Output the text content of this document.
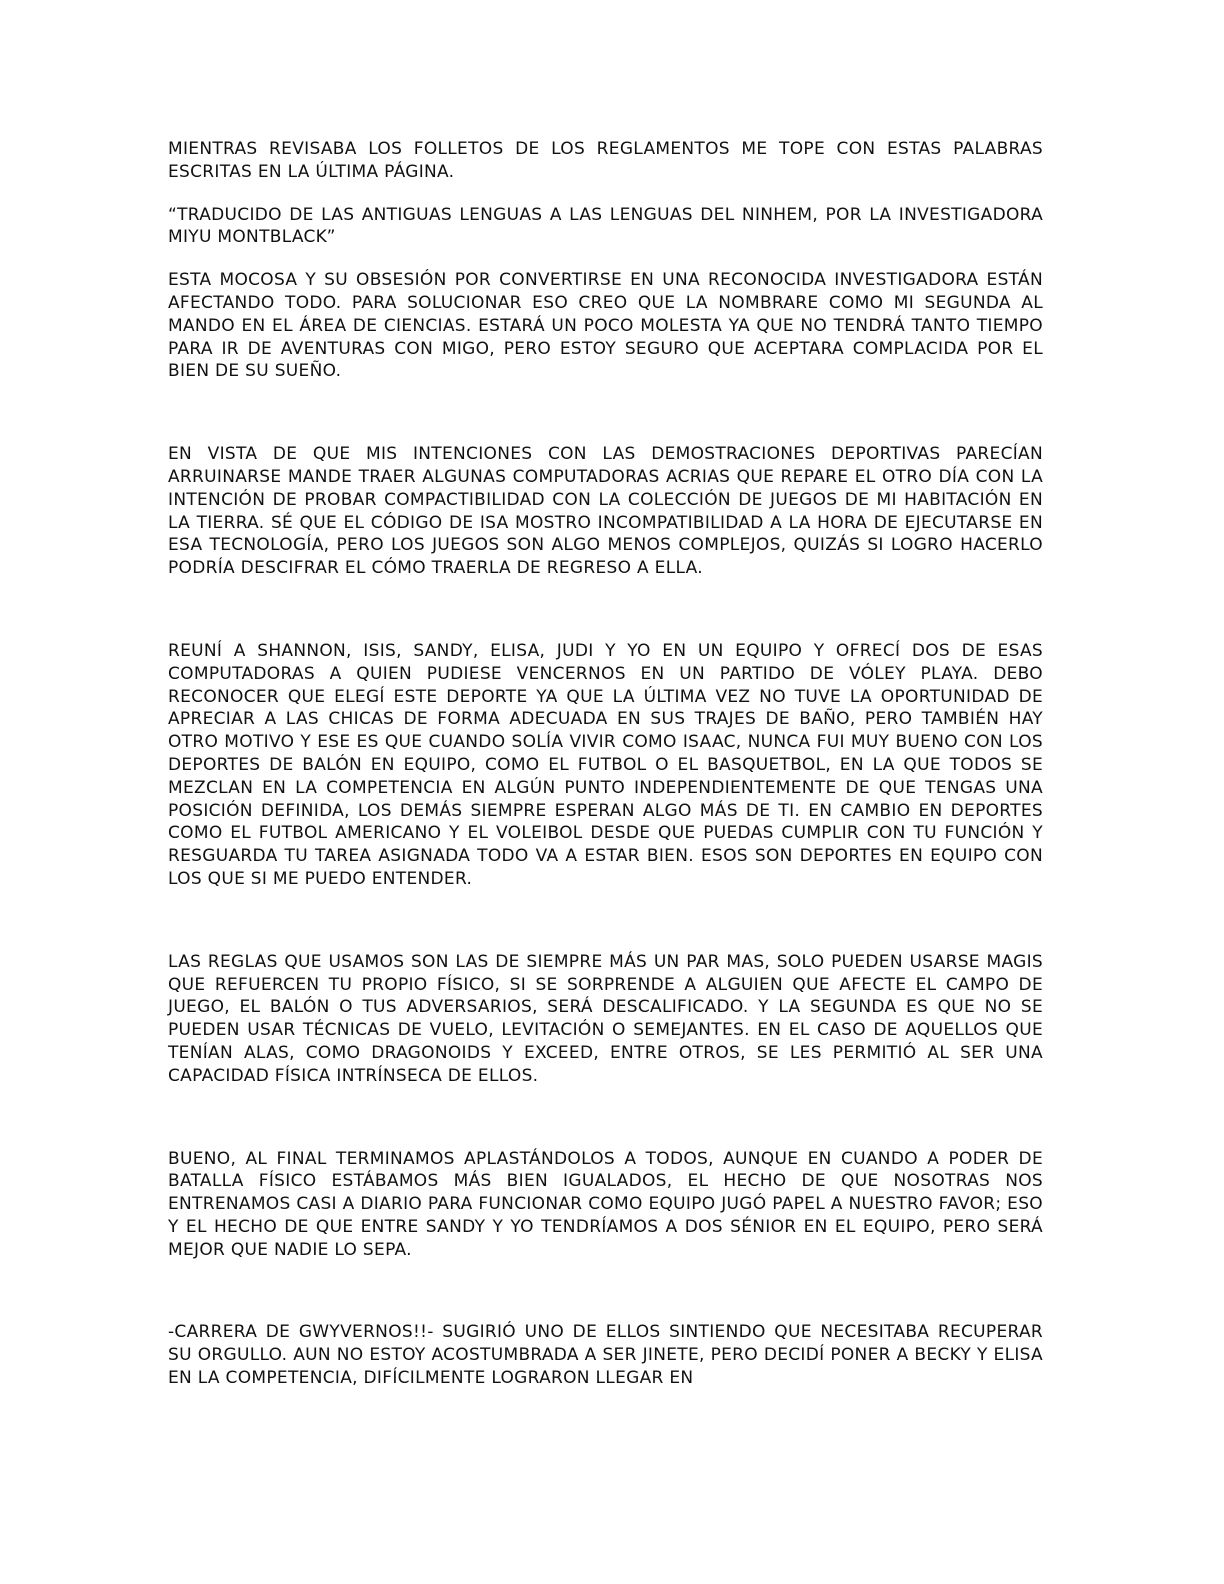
MIENTRAS REVISABA LOS FOLLETOS DE LOS REGLAMENTOS ME TOPE CON ESTAS PALABRAS ESCRITAS EN LA ÚLTIMA PÁGINA.

“TRADUCIDO DE LAS ANTIGUAS LENGUAS A LAS LENGUAS DEL NINHEM, POR LA INVESTIGADORA MIYU MONTBLACK”

ESTA MOCOSA Y SU OBSESIÓN POR CONVERTIRSE EN UNA RECONOCIDA INVESTIGADORA ESTÁN AFECTANDO TODO. PARA SOLUCIONAR ESO CREO QUE LA NOMBRARE COMO MI SEGUNDA AL MANDO EN EL ÁREA DE CIENCIAS. ESTARÁ UN POCO MOLESTA YA QUE NO TENDRÁ TANTO TIEMPO PARA IR DE AVENTURAS CON MIGO, PERO ESTOY SEGURO QUE ACEPTARA COMPLACIDA POR EL BIEN DE SU SUEÑO.

EN VISTA DE QUE MIS INTENCIONES CON LAS DEMOSTRACIONES DEPORTIVAS PARECÍAN ARRUINARSE MANDE TRAER ALGUNAS COMPUTADORAS ACRIAS QUE REPARE EL OTRO DÍA CON LA INTENCIÓN DE PROBAR COMPACTIBILIDAD CON LA COLECCIÓN DE JUEGOS DE MI HABITACIÓN EN LA TIERRA. SÉ QUE EL CÓDIGO DE ISA MOSTRO INCOMPATIBILIDAD A LA HORA DE EJECUTARSE EN ESA TECNOLOGÍA, PERO LOS JUEGOS SON ALGO MENOS COMPLEJOS, QUIZÁS SI LOGRO HACERLO PODRÍA DESCIFRAR EL CÓMO TRAERLA DE REGRESO A ELLA.

REUNÍ A SHANNON, ISIS, SANDY, ELISA, JUDI Y YO EN UN EQUIPO Y OFRECÍ DOS DE ESAS COMPUTADORAS A QUIEN PUDIESE VENCERNOS EN UN PARTIDO DE VÓLEY PLAYA. DEBO RECONOCER QUE ELEGÍ ESTE DEPORTE YA QUE LA ÚLTIMA VEZ NO TUVE LA OPORTUNIDAD DE APRECIAR A LAS CHICAS DE FORMA ADECUADA EN SUS TRAJES DE BAÑO, PERO TAMBIÉN HAY OTRO MOTIVO Y ESE ES QUE CUANDO SOLÍA VIVIR COMO ISAAC, NUNCA FUI MUY BUENO CON LOS DEPORTES DE BALÓN EN EQUIPO, COMO EL FUTBOL O EL BASQUETBOL, EN LA QUE TODOS SE MEZCLAN EN LA COMPETENCIA EN ALGÚN PUNTO INDEPENDIENTEMENTE DE QUE TENGAS UNA POSICIÓN DEFINIDA, LOS DEMÁS SIEMPRE ESPERAN ALGO MÁS DE TI. EN CAMBIO EN DEPORTES COMO EL FUTBOL AMERICANO Y EL VOLEIBOL DESDE QUE PUEDAS CUMPLIR CON TU FUNCIÓN Y RESGUARDA TU TAREA ASIGNADA TODO VA A ESTAR BIEN. ESOS SON DEPORTES EN EQUIPO CON LOS QUE SI ME PUEDO ENTENDER.

LAS REGLAS QUE USAMOS SON LAS DE SIEMPRE MÁS UN PAR MAS, SOLO PUEDEN USARSE MAGIS QUE REFUERCEN TU PROPIO FÍSICO, SI SE SORPRENDE A ALGUIEN QUE AFECTE EL CAMPO DE JUEGO, EL BALÓN O TUS ADVERSARIOS, SERÁ DESCALIFICADO. Y LA SEGUNDA ES QUE NO SE PUEDEN USAR TÉCNICAS DE VUELO, LEVITACIÓN O SEMEJANTES. EN EL CASO DE AQUELLOS QUE TENÍAN ALAS, COMO DRAGONOIDS Y EXCEED, ENTRE OTROS, SE LES PERMITIÓ AL SER UNA CAPACIDAD FÍSICA INTRÍNSECA DE ELLOS.

BUENO, AL FINAL TERMINAMOS APLASTÁNDOLOS A TODOS, AUNQUE EN CUANDO A PODER DE BATALLA FÍSICO ESTÁBAMOS MÁS BIEN IGUALADOS, EL HECHO DE QUE NOSOTRAS NOS ENTRENAMOS CASI A DIARIO PARA FUNCIONAR COMO EQUIPO JUGÓ PAPEL A NUESTRO FAVOR; ESO Y EL HECHO DE QUE ENTRE SANDY Y YO TENDRÍAMOS A DOS SÉNIOR EN EL EQUIPO, PERO SERÁ MEJOR QUE NADIE LO SEPA.

-CARRERA DE GWYVERNOS!!- SUGIRIÓ UNO DE ELLOS SINTIENDO QUE NECESITABA RECUPERAR SU ORGULLO. AUN NO ESTOY ACOSTUMBRADA A SER JINETE, PERO DECIDÍ PONER A BECKY Y ELISA EN LA COMPETENCIA, DIFÍCILMENTE LOGRARON LLEGAR EN
